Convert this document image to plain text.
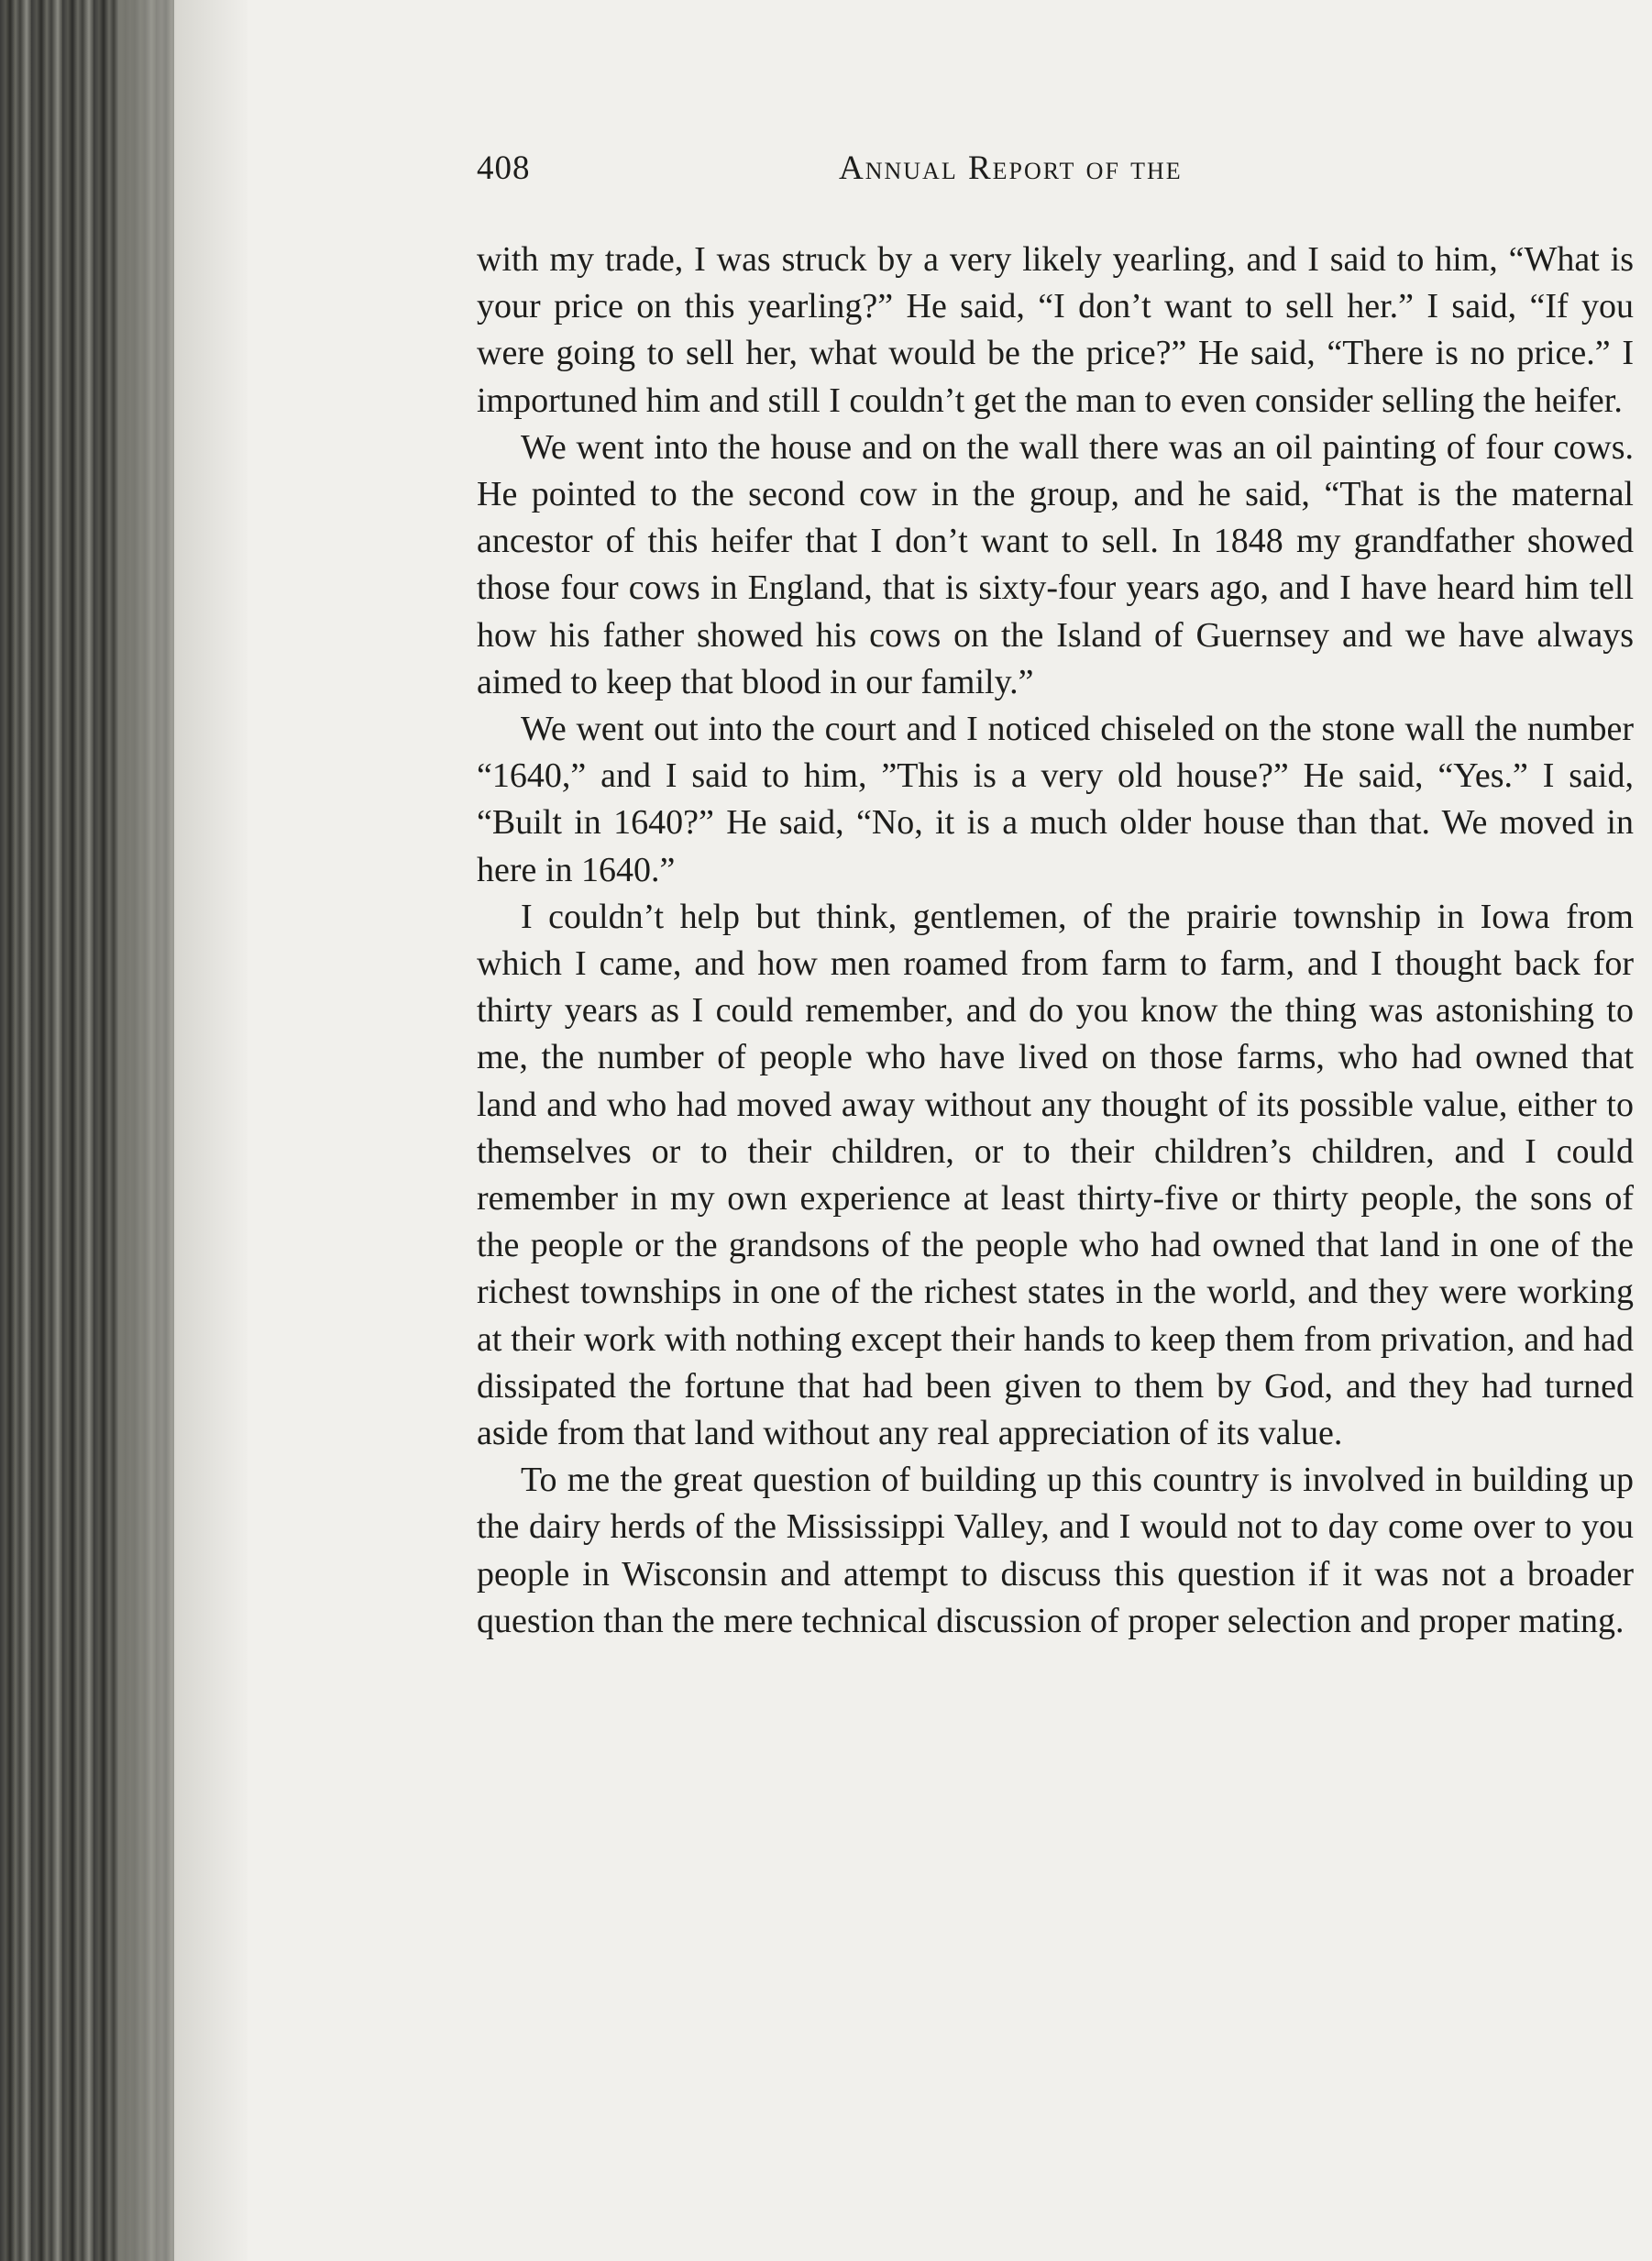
408	Annual Report of the

with my trade, I was struck by a very likely yearling, and I said to him, “What is your price on this yearling?” He said, “I don’t want to sell her.” I said, “If you were going to sell her, what would be the price?” He said, “There is no price.” I importuned him and still I couldn’t get the man to even consider selling the heifer.

We went into the house and on the wall there was an oil painting of four cows. He pointed to the second cow in the group, and he said, “That is the maternal ancestor of this heifer that I don’t want to sell. In 1848 my grandfather showed those four cows in England, that is sixty-four years ago, and I have heard him tell how his father showed his cows on the Island of Guernsey and we have always aimed to keep that blood in our family.”

We went out into the court and I noticed chiseled on the stone wall the number “1640,” and I said to him, ”This is a very old house?” He said, “Yes.” I said, “Built in 1640?” He said, “No, it is a much older house than that. We moved in here in 1640.”

I couldn’t help but think, gentlemen, of the prairie township in Iowa from which I came, and how men roamed from farm to farm, and I thought back for thirty years as I could remember, and do you know the thing was astonishing to me, the number of people who have lived on those farms, who had owned that land and who had moved away without any thought of its possible value, either to themselves or to their children, or to their children’s children, and I could remember in my own experience at least thirty-five or thirty people, the sons of the people or the grandsons of the people who had owned that land in one of the richest townships in one of the richest states in the world, and they were working at their work with nothing except their hands to keep them from privation, and had dissipated the fortune that had been given to them by God, and they had turned aside from that land without any real appreciation of its value.

To me the great question of building up this country is involved in building up the dairy herds of the Mississippi Valley, and I would not to day come over to you people in Wisconsin and attempt to discuss this question if it was not a broader question than the mere technical discussion of proper selection and proper mating.
